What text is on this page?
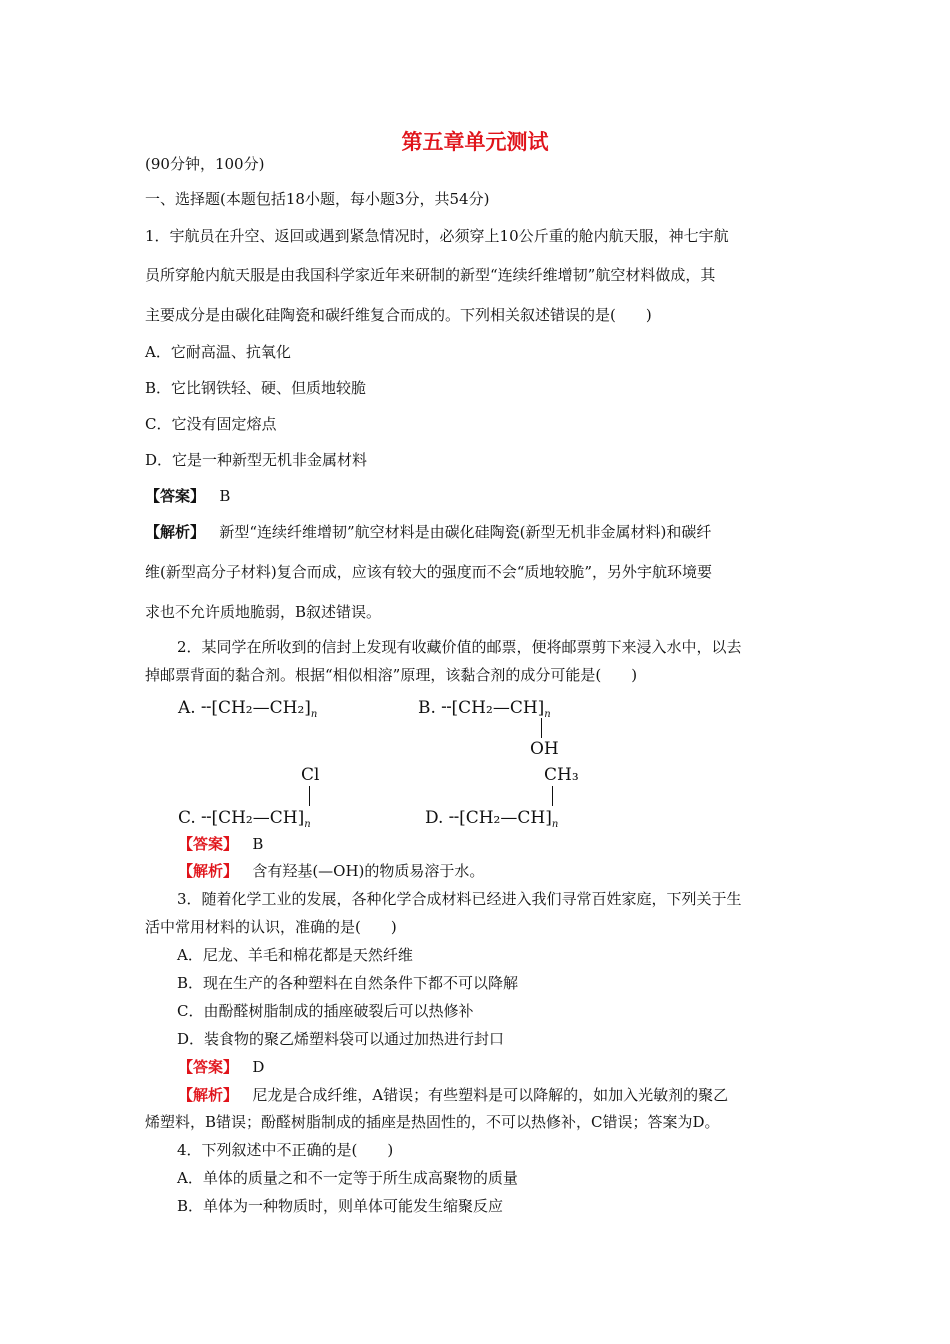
第五章单元测试
(90分钟，100分)
一、选择题(本题包括18小题，每小题3分，共54分)
1．宇航员在升空、返回或遇到紧急情况时，必须穿上10公斤重的舱内航天服，神七宇航
员所穿舱内航天服是由我国科学家近年来研制的新型“连续纤维增韧”航空材料做成，其
主要成分是由碳化硅陶瓷和碳纤维复合而成的。下列相关叙述错误的是(　　)
A．它耐高温、抗氧化
B．它比钢铁轻、硬、但质地较脆
C．它没有固定熔点
D．它是一种新型无机非金属材料
【答案】 B
【解析】 新型“连续纤维增韧”航空材料是由碳化硅陶瓷(新型无机非金属材料)和碳纤
维(新型高分子材料)复合而成，应该有较大的强度而不会“质地较脆”，另外宇航环境要
求也不允许质地脆弱，B叙述错误。
2．某同学在所收到的信封上发现有收藏价值的邮票，便将邮票剪下来浸入水中，以去
掉邮票背面的黏合剂。根据“相似相溶”原理，该黏合剂的成分可能是(　　)
A. $╌[CH_2—CH_2]_n$	B. $╌[CH_2—CH]_n$
OH
Cl
C. $╌[CH_2—CH]_n$
CH₃
D. $╌[CH_2—CH]_n$
【答案】 B
【解析】 含有羟基(—OH)的物质易溶于水。
3．随着化学工业的发展，各种化学合成材料已经进入我们寻常百姓家庭，下列关于生
活中常用材料的认识，准确的是(　　)
A．尼龙、羊毛和棉花都是天然纤维
B．现在生产的各种塑料在自然条件下都不可以降解
C．由酚醛树脂制成的插座破裂后可以热修补
D．装食物的聚乙烯塑料袋可以通过加热进行封口
【答案】 D
【解析】 尼龙是合成纤维，A错误；有些塑料是可以降解的，如加入光敏剂的聚乙
烯塑料，B错误；酚醛树脂制成的插座是热固性的，不可以热修补，C错误；答案为D。
4．下列叙述中不正确的是(　　)
A．单体的质量之和不一定等于所生成高聚物的质量
B．单体为一种物质时，则单体可能发生缩聚反应
